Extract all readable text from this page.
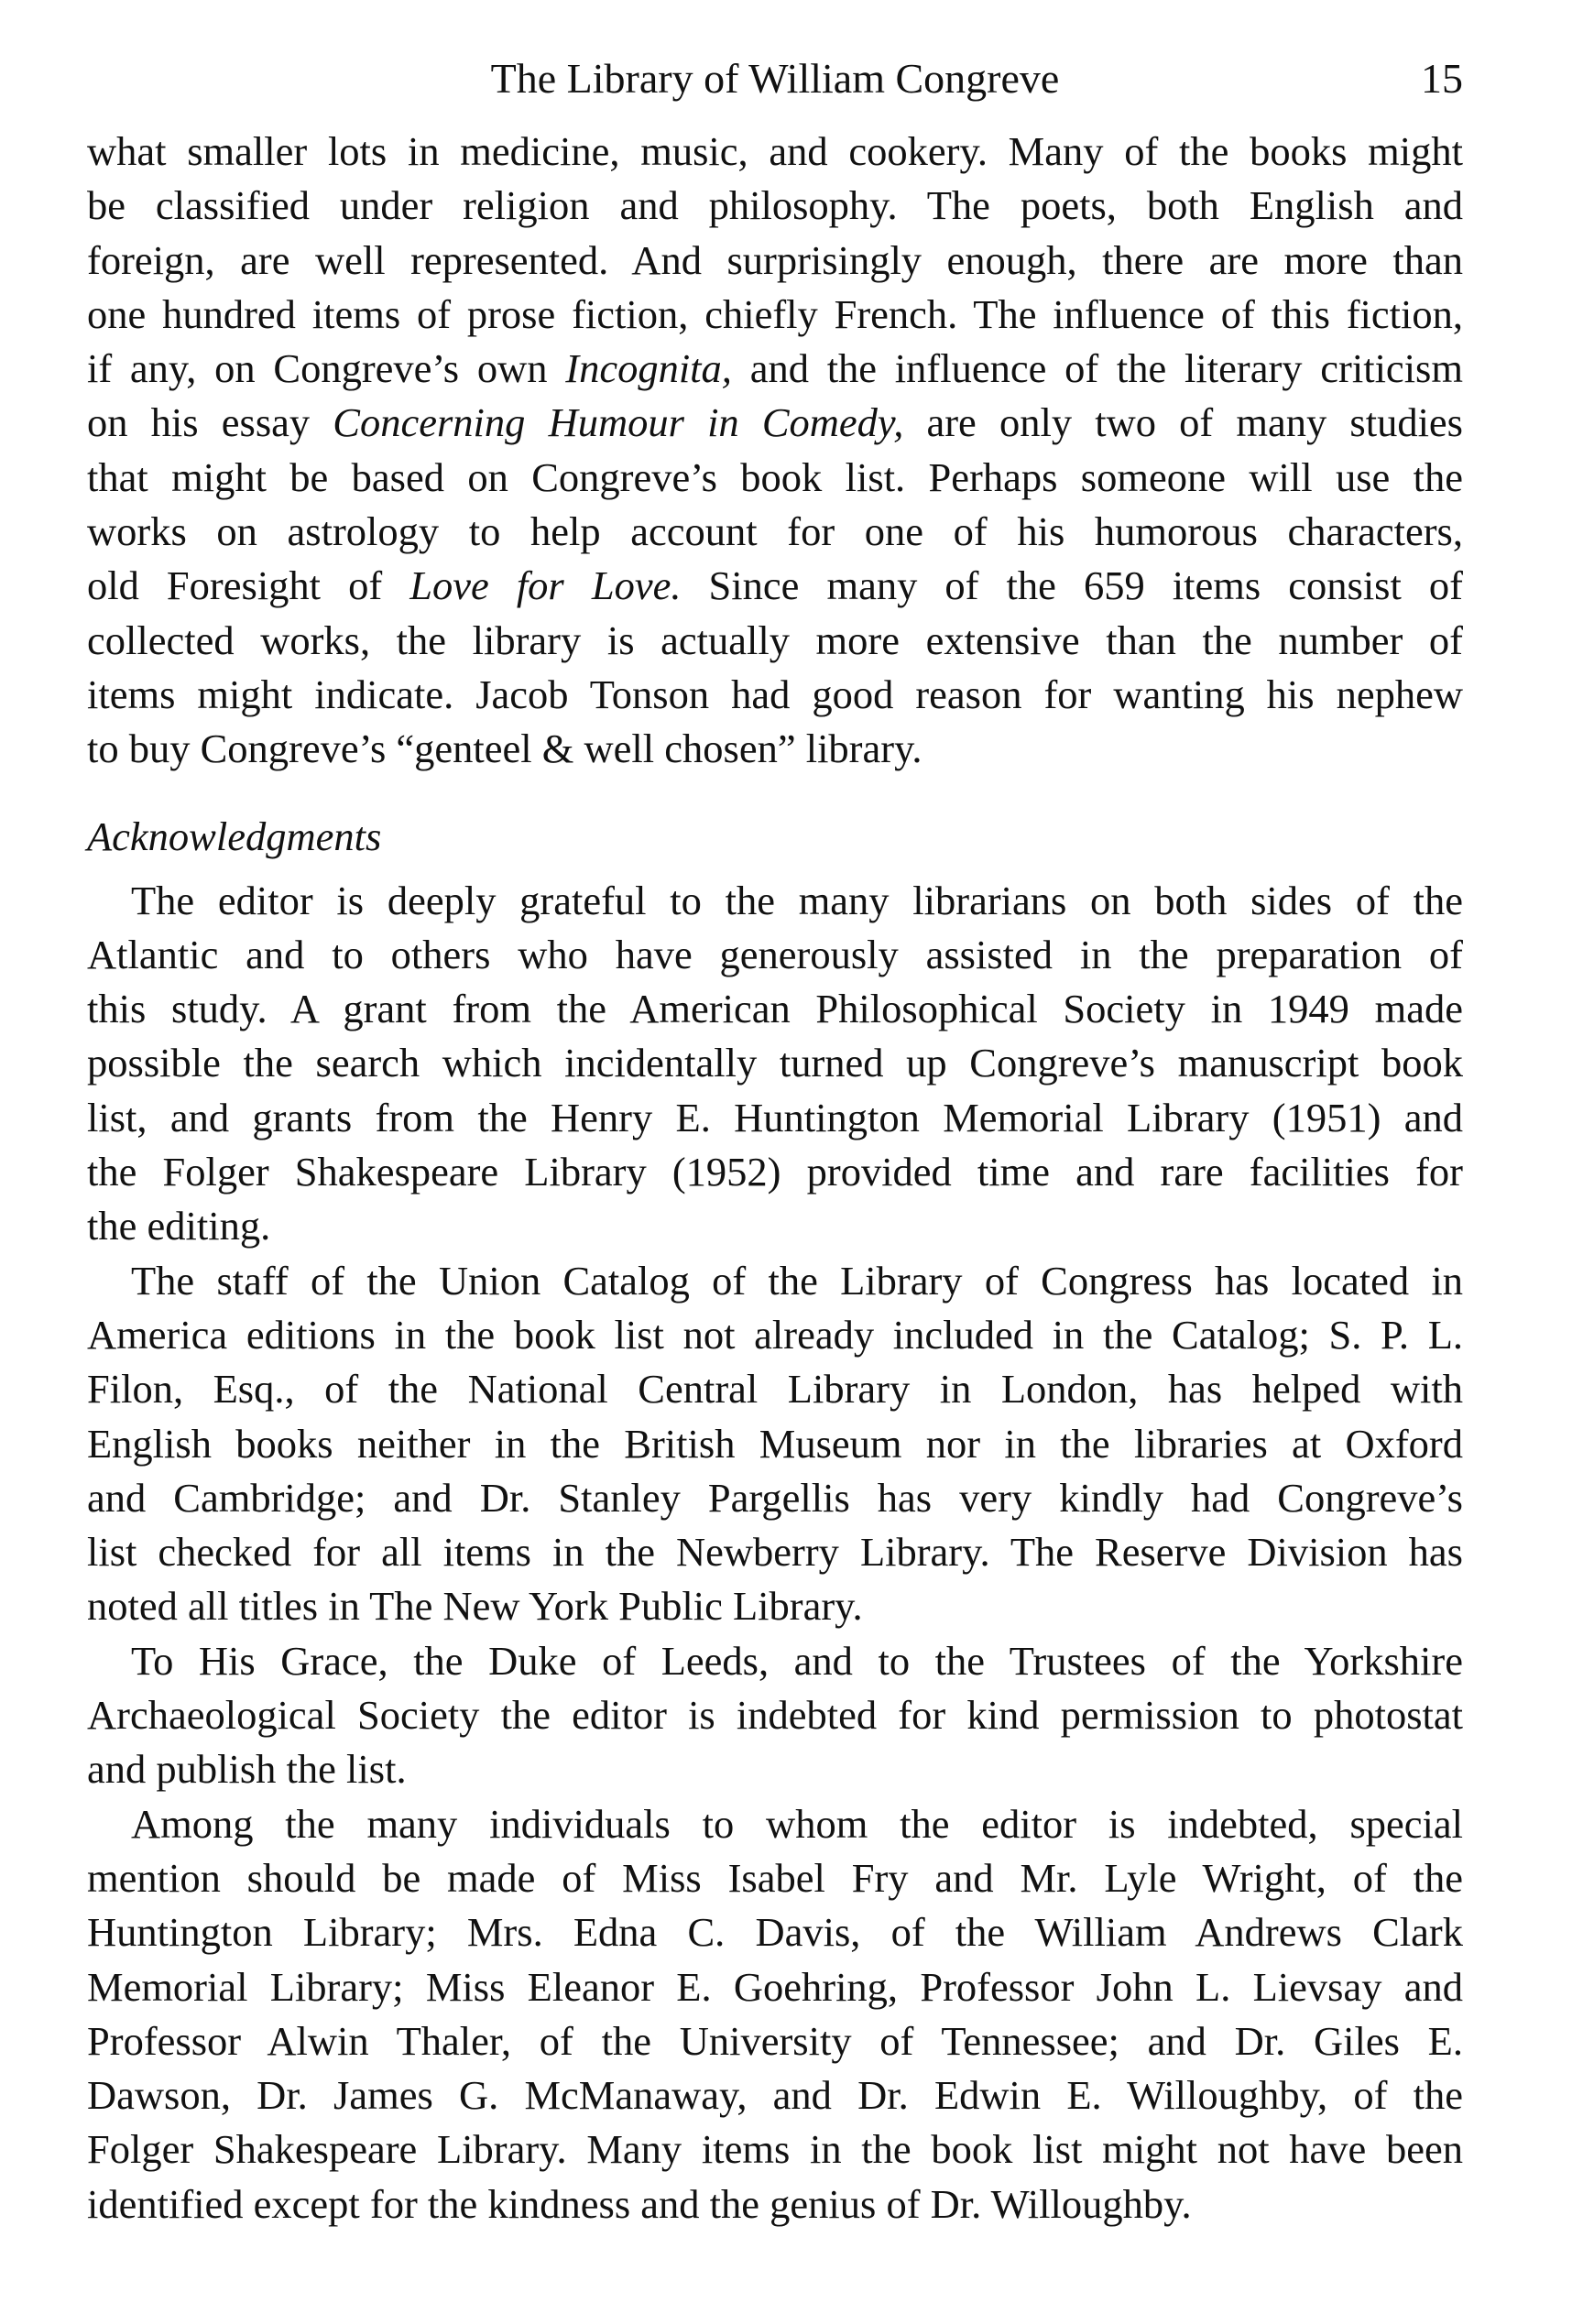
The Library of William Congreve	15
what smaller lots in medicine, music, and cookery. Many of the books might
be classified under religion and philosophy. The poets, both English and
foreign, are well represented. And surprisingly enough, there are more than
one hundred items of prose fiction, chiefly French. The influence of this fiction,
if any, on Congreve’s own Incognita, and the influence of the literary criticism
on his essay Concerning Humour in Comedy, are only two of many studies
that might be based on Congreve’s book list. Perhaps someone will use the
works on astrology to help account for one of his humorous characters,
old Foresight of Love for Love. Since many of the 659 items consist of
collected works, the library is actually more extensive than the number of
items might indicate. Jacob Tonson had good reason for wanting his nephew
to buy Congreve’s “genteel & well chosen” library.
Acknowledgments
The editor is deeply grateful to the many librarians on both sides of the
Atlantic and to others who have generously assisted in the preparation of
this study. A grant from the American Philosophical Society in 1949 made
possible the search which incidentally turned up Congreve’s manuscript book
list, and grants from the Henry E. Huntington Memorial Library (1951) and
the Folger Shakespeare Library (1952) provided time and rare facilities for
the editing.
The staff of the Union Catalog of the Library of Congress has located in
America editions in the book list not already included in the Catalog; S. P. L.
Filon, Esq., of the National Central Library in London, has helped with
English books neither in the British Museum nor in the libraries at Oxford
and Cambridge; and Dr. Stanley Pargellis has very kindly had Congreve’s
list checked for all items in the Newberry Library. The Reserve Division has
noted all titles in The New York Public Library.
To His Grace, the Duke of Leeds, and to the Trustees of the Yorkshire
Archaeological Society the editor is indebted for kind permission to photostat
and publish the list.
Among the many individuals to whom the editor is indebted, special
mention should be made of Miss Isabel Fry and Mr. Lyle Wright, of the
Huntington Library; Mrs. Edna C. Davis, of the William Andrews Clark
Memorial Library; Miss Eleanor E. Goehring, Professor John L. Lievsay and
Professor Alwin Thaler, of the University of Tennessee; and Dr. Giles E.
Dawson, Dr. James G. McManaway, and Dr. Edwin E. Willoughby, of the
Folger Shakespeare Library. Many items in the book list might not have been
identified except for the kindness and the genius of Dr. Willoughby.
